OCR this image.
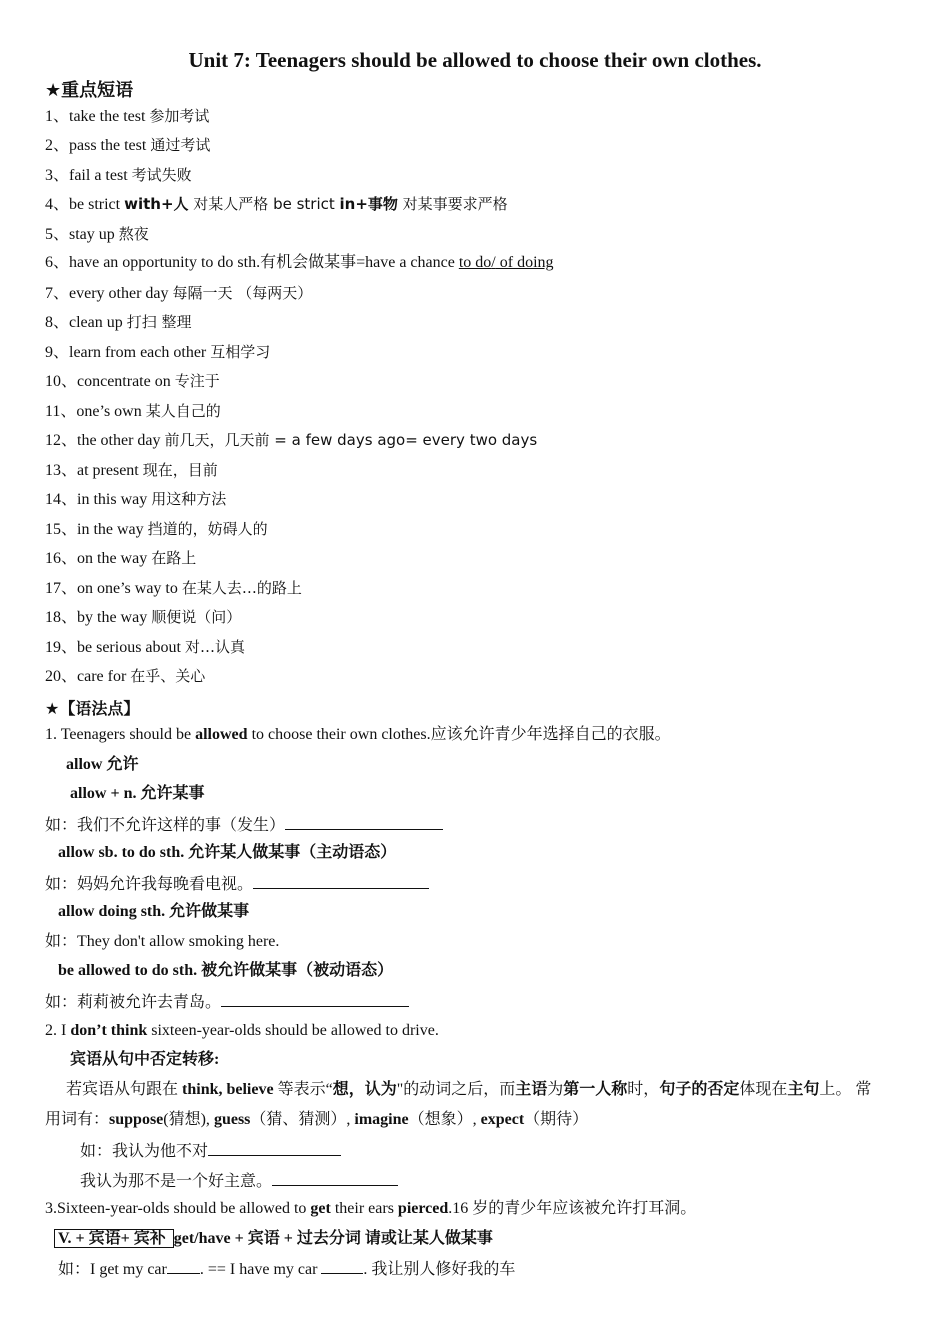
Unit 7: Teenagers should be allowed to choose their own clothes.
★重点短语
1、take the test 参加考试
2、pass the test 通过考试
3、fail a test 考试失败
4、be strict with+人 对某人严格 be strict in+事物 对某事要求严格
5、stay up 熬夜
6、have an opportunity to do sth.有机会做某事=have a chance to do/ of doing
7、every other day 每隔一天 （每两天）
8、clean up 打扫 整理
9、learn from each other 互相学习
10、concentrate on 专注于
11、one’s own 某人自己的
12、the other day 前几天，几天前 = a few days ago= every two days
13、at present 现在，目前
14、in this way 用这种方法
15、in the way 挡道的，妨碍人的
16、on the way 在路上
17、on one’s way to 在某人去…的路上
18、by the way 顺便说（问）
19、be serious about 对…认真
20、care for 在乎、关心
★【语法点】
1. Teenagers should be allowed to choose their own clothes.应该允许青少年选择自己的衣服。
allow 允许
allow + n. 允许某事
如：我们不允许这样的事（发生）
allow sb. to do sth. 允许某人做某事（主动语态）
如：妈妈允许我每晚看电视。
allow doing sth. 允许做某事
如：They don't allow smoking here.
be allowed to do sth. 被允许做某事（被动语态）
如：莉莉被允许去青岛。
2. I don’t think sixteen-year-olds should be allowed to drive.
宾语从句中否定转移:
若宾语从句跟在 think, believe 等表示“想，认为"的动词之后，而主语为第一人称时，句子的否定体现在主句上。 常
用词有：suppose(猜想), guess（猜、猜测）, imagine（想象）, expect（期待）
如：我认为他不对
我认为那不是一个好主意。
3.Sixteen-year-olds should be allowed to get their ears pierced.16 岁的青少年应该被允许打耳洞。
V. + 宾语+ 宾补 get/have + 宾语 + 过去分词 请或让某人做某事
如：I get my car . == I have my car	. 我让别人修好我的车
